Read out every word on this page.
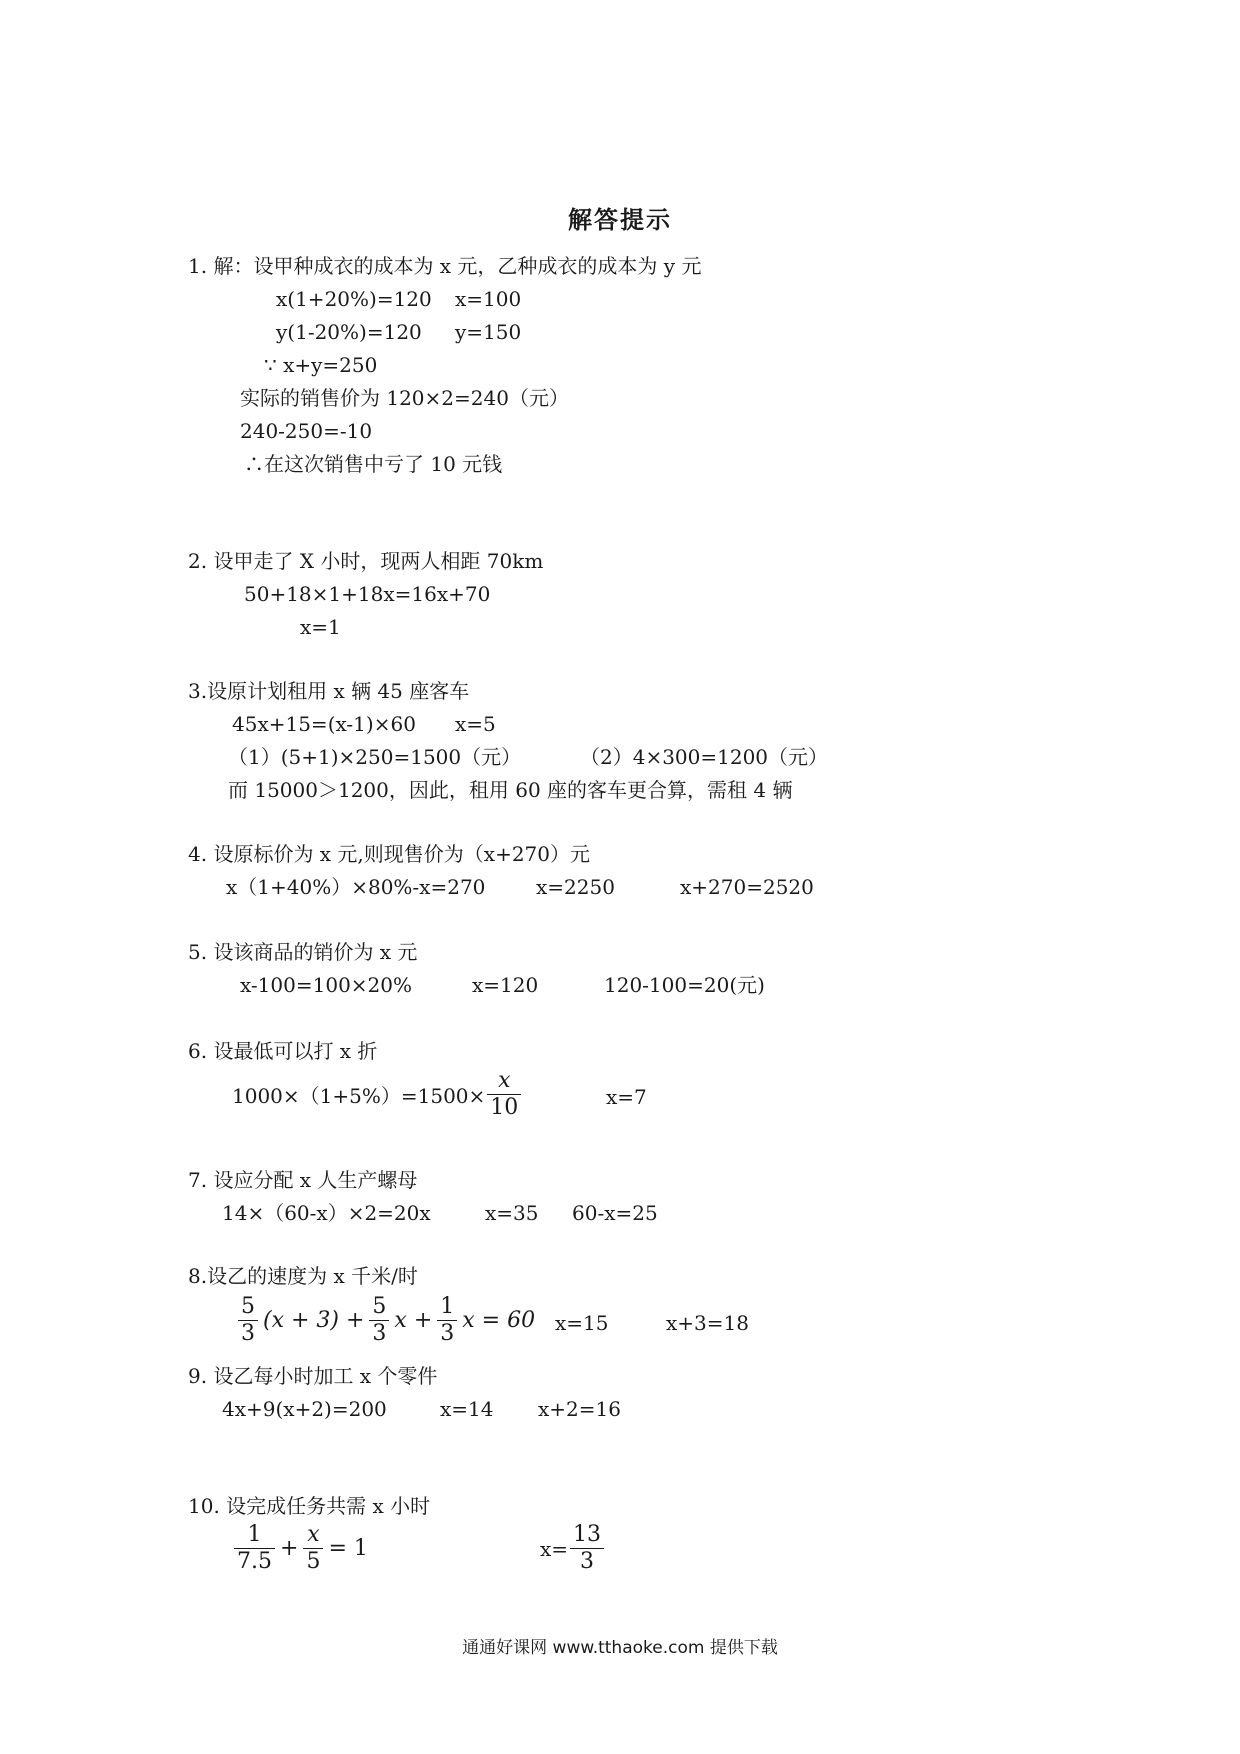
解答提示
1. 解：设甲种成衣的成本为 x 元，乙种成衣的成本为 y 元
x(1+20%)=120 x=100
y(1-20%)=120 y=150
∵ x+y=250
实际的销售价为 120×2=240（元）
240-250=-10
∴在这次销售中亏了 10 元钱
2. 设甲走了 X 小时，现两人相距 70km
50+18×1+18x=16x+70
x=1
3.设原计划租用 x 辆 45 座客车
45x+15=(x-1)×60 x=5
（1）(5+1)×250=1500（元）	（2）4×300=1200（元）
而 15000＞1200，因此，租用 60 座的客车更合算，需租 4 辆
4. 设原标价为 x 元,则现售价为（x+270）元
x（1+40%）×80%-x=270	x=2250	x+270=2520
5. 设该商品的销价为 x 元
x-100=100×20%	x=120	120-100=20(元)
6. 设最低可以打 x 折
$1000\times(1+5\%)=1500\times \frac{x}{10}$	x=7
7. 设应分配 x 人生产螺母
14×（60-x）×2=20x	x=35 60-x=25
8.设乙的速度为 x 千米/时
$\frac{5}{3} (x + 3) + \frac{5}{3}$ $x + \frac{1}{3}$ x = 60 x=15	x+3=18
9. 设乙每小时加工 x 个零件
4x+9(x+2)=200	x=14 x+2=16
10. 设完成任务共需 x 小时
$\frac{1}{7.5} + \frac{x}{5} = 1$	$x= \frac{13}{3}$
通通好课网 www.tthaoke.com 提供下载
